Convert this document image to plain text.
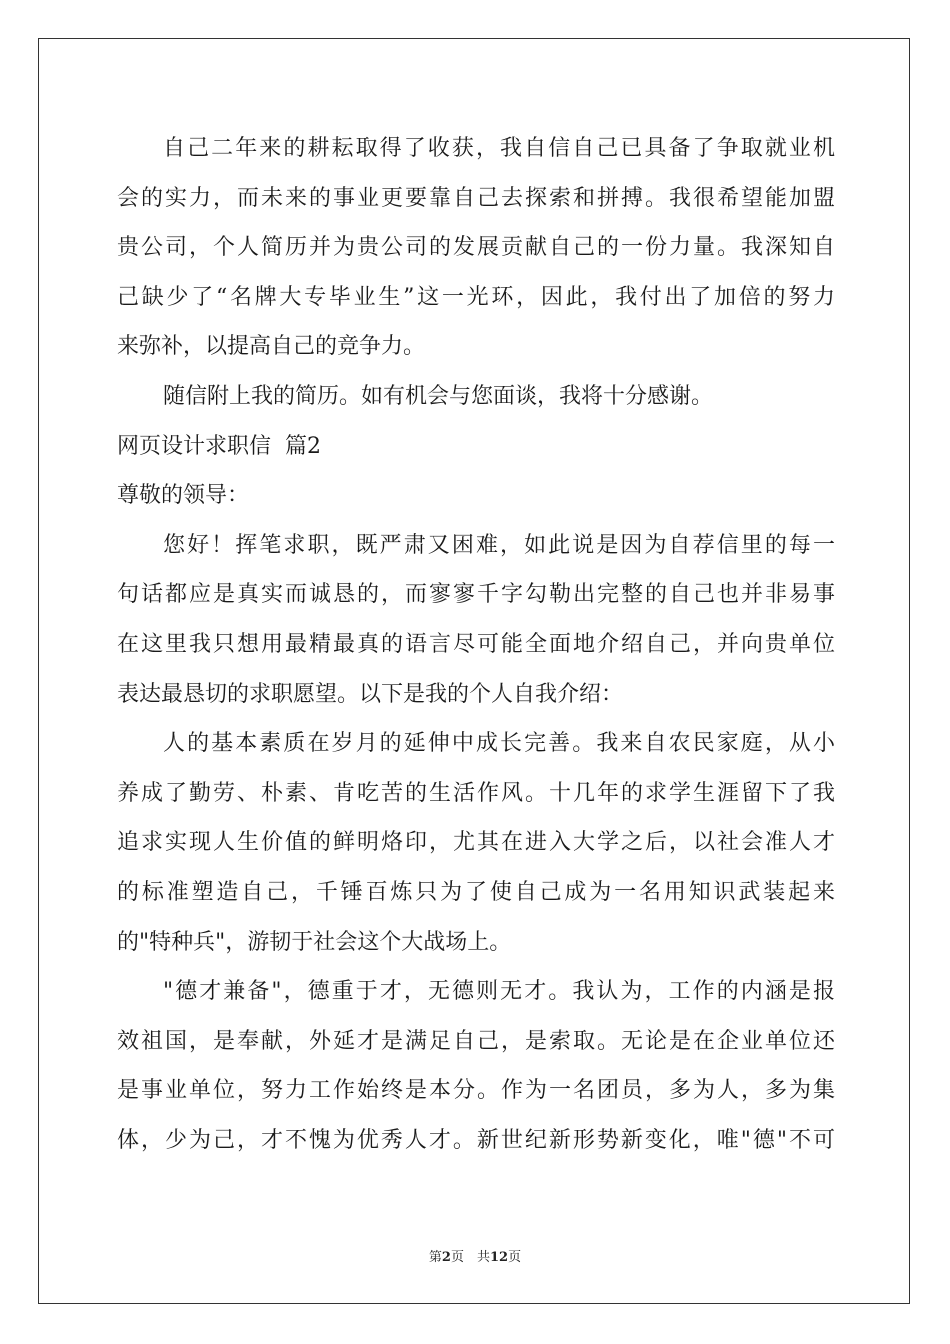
自己二年来的耕耘取得了收获，我自信自己已具备了争取就业机
会的实力，而未来的事业更要靠自己去探索和拼搏。我很希望能加盟
贵公司，个人简历并为贵公司的发展贡献自己的一份力量。我深知自
己缺少了“名牌大专毕业生”这一光环，因此，我付出了加倍的努力
来弥补，以提高自己的竞争力。
随信附上我的简历。如有机会与您面谈，我将十分感谢。
网页设计求职信  篇2
尊敬的领导：
您好！挥笔求职，既严肃又困难，如此说是因为自荐信里的每一
句话都应是真实而诚恳的，而寥寥千字勾勒出完整的自己也并非易事
在这里我只想用最精最真的语言尽可能全面地介绍自己，并向贵单位
表达最恳切的求职愿望。以下是我的个人自我介绍：
人的基本素质在岁月的延伸中成长完善。我来自农民家庭，从小
养成了勤劳、朴素、肯吃苦的生活作风。十几年的求学生涯留下了我
追求实现人生价值的鲜明烙印，尤其在进入大学之后，以社会准人才
的标准塑造自己，千锤百炼只为了使自己成为一名用知识武装起来
的"特种兵"，游韧于社会这个大战场上。
"德才兼备"，德重于才，无德则无才。我认为，工作的内涵是报
效祖国，是奉献，外延才是满足自己，是索取。无论是在企业单位还
是事业单位，努力工作始终是本分。作为一名团员，多为人，多为集
体，少为己，才不愧为优秀人才。新世纪新形势新变化，唯"德"不可
第2页　共12页
